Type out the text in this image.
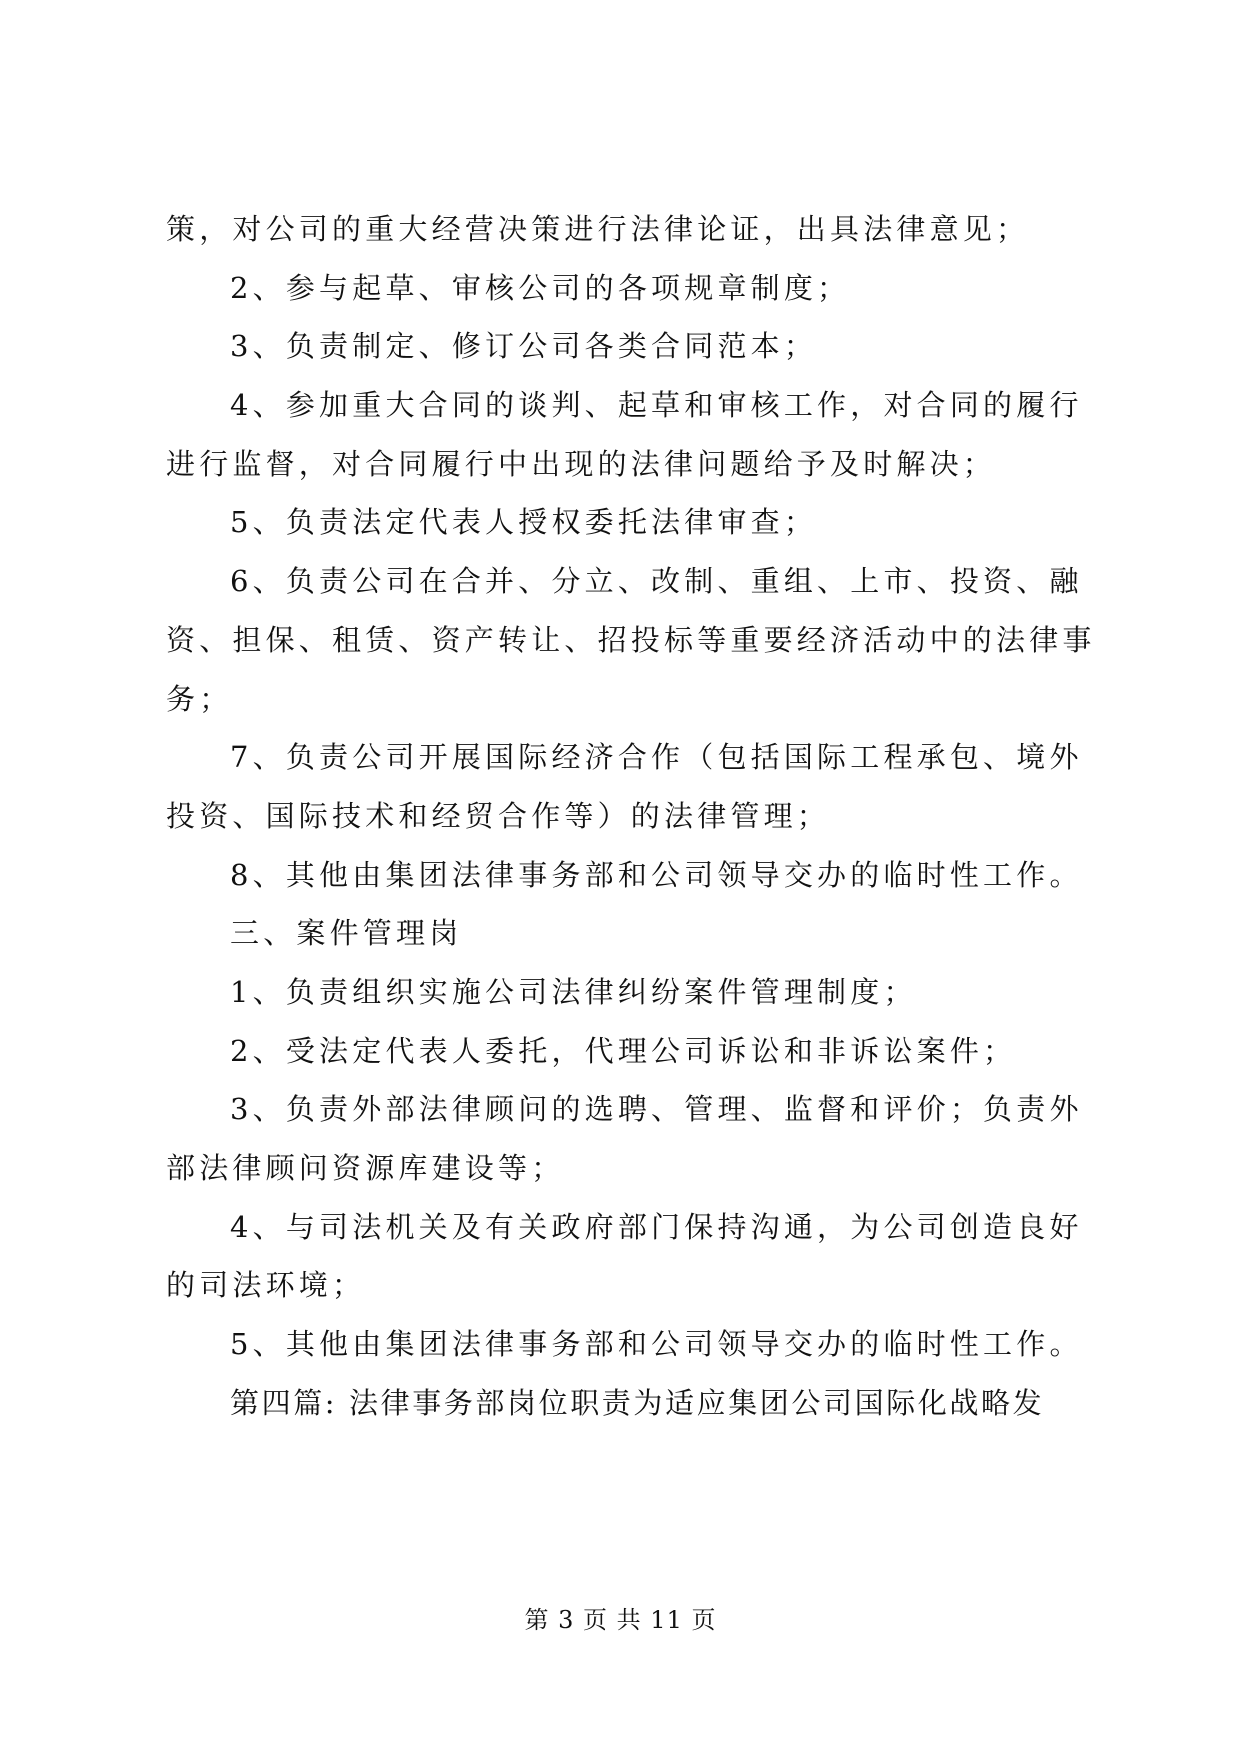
策，对公司的重大经营决策进行法律论证，出具法律意见；
2、参与起草、审核公司的各项规章制度；
3、负责制定、修订公司各类合同范本；
4、参加重大合同的谈判、起草和审核工作，对合同的履行
进行监督，对合同履行中出现的法律问题给予及时解决；
5、负责法定代表人授权委托法律审查；
6、负责公司在合并、分立、改制、重组、上市、投资、融
资、担保、租赁、资产转让、招投标等重要经济活动中的法律事
务；
7、负责公司开展国际经济合作（包括国际工程承包、境外
投资、国际技术和经贸合作等）的法律管理；
8、其他由集团法律事务部和公司领导交办的临时性工作。
三、案件管理岗
1、负责组织实施公司法律纠纷案件管理制度；
2、受法定代表人委托，代理公司诉讼和非诉讼案件；
3、负责外部法律顾问的选聘、管理、监督和评价；负责外
部法律顾问资源库建设等；
4、与司法机关及有关政府部门保持沟通，为公司创造良好
的司法环境；
5、其他由集团法律事务部和公司领导交办的临时性工作。
第四篇: 法律事务部岗位职责为适应集团公司国际化战略发
第 3 页 共 11 页
